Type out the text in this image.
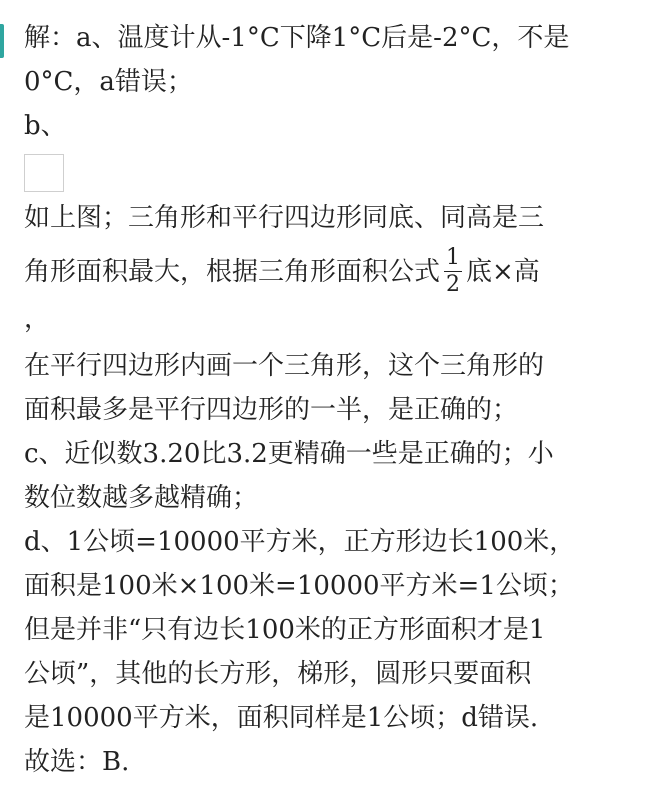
解：a、温度计从-1°C下降1°C后是-2°C，不是
0°C，a错误；
b、
如上图；三角形和平行四边形同底、同高是三
角形面积最大，根据三角形面积公式 $\frac{1}{2}$ 底×高
，
在平行四边形内画一个三角形，这个三角形的
面积最多是平行四边形的一半，是正确的；
c、近似数3.20比3.2更精确一些是正确的；小
数位数越多越精确；
d、1公顷=10000平方米，正方形边长100米，
面积是100米×100米=10000平方米=1公顷；
但是并非“只有边长100米的正方形面积才是1
公顷”，其他的长方形，梯形，圆形只要面积
是10000平方米，面积同样是1公顷；d错误.
故选：B.
